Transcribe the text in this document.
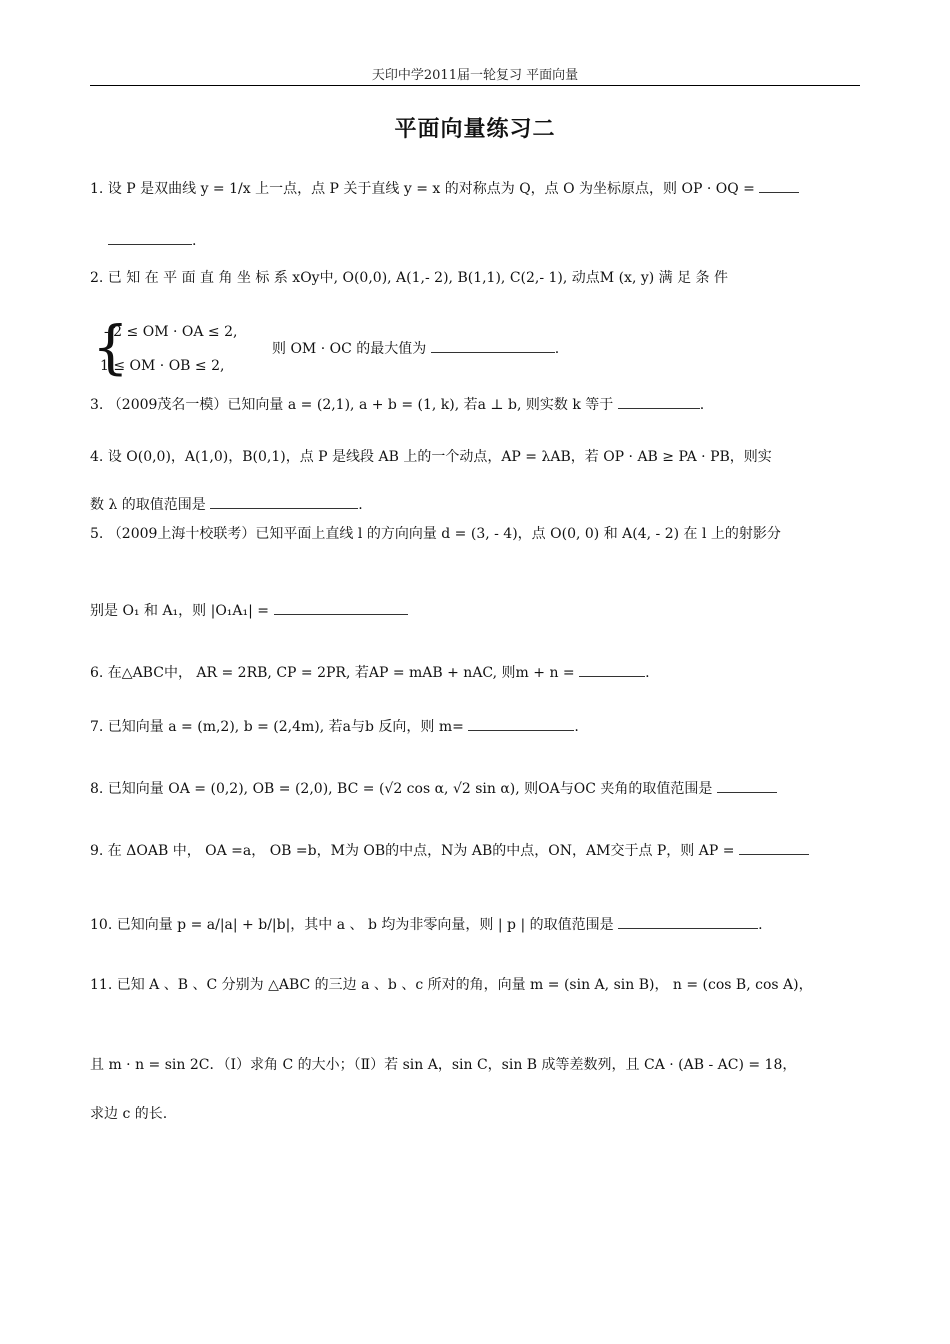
天印中学2011届一轮复习 平面向量
平面向量练习二
1. 设 P 是双曲线 y = 1/x 上一点，点 P 关于直线 y = x 的对称点为 Q，点 O 为坐标原点，则 OP · OQ =
.
2. 已 知 在 平 面 直 角 坐 标 系 xOy中, O(0,0), A(1,- 2), B(1,1), C(2,- 1), 动点M (x, y) 满 足 条 件
{
- 2 ≤ OM · OA ≤ 2,
1 ≤ OM · OB ≤ 2,
则 OM · OC 的最大值为	.
3. （2009茂名一模）已知向量 a = (2,1), a + b = (1, k), 若a ⊥ b, 则实数 k 等于	.
4. 设 O(0,0)，A(1,0)，B(0,1)，点 P 是线段 AB 上的一个动点，AP = λAB，若 OP · AB ≥ PA · PB，则实
数 λ 的取值范围是	.
5. （2009上海十校联考）已知平面上直线 l 的方向向量 d = (3, - 4)，点 O(0, 0) 和 A(4, - 2) 在 l 上的射影分
别是 O₁ 和 A₁，则 |O₁A₁| =
6. 在△ABC中， AR = 2RB, CP = 2PR, 若AP = mAB + nAC, 则m + n =	.
7. 已知向量 a = (m,2), b = (2,4m), 若a与b 反向，则 m=	.
8. 已知向量 OA = (0,2), OB = (2,0), BC = (√2 cos α, √2 sin α), 则OA与OC 夹角的取值范围是
9. 在 ΔOAB 中， OA =a， OB =b，M为 OB的中点，N为 AB的中点，ON，AM交于点 P，则 AP =
10. 已知向量 p = a/|a| + b/|b|，其中 a 、 b 均为非零向量，则 | p | 的取值范围是	.
11. 已知 A 、B 、C 分别为 △ABC 的三边 a 、b 、c 所对的角，向量 m = (sin A, sin B)， n = (cos B, cos A)，
且 m · n = sin 2C．（Ⅰ）求角 C 的大小；（Ⅱ）若 sin A，sin C，sin B 成等差数列，且 CA · (AB - AC) = 18，
求边 c 的长.
